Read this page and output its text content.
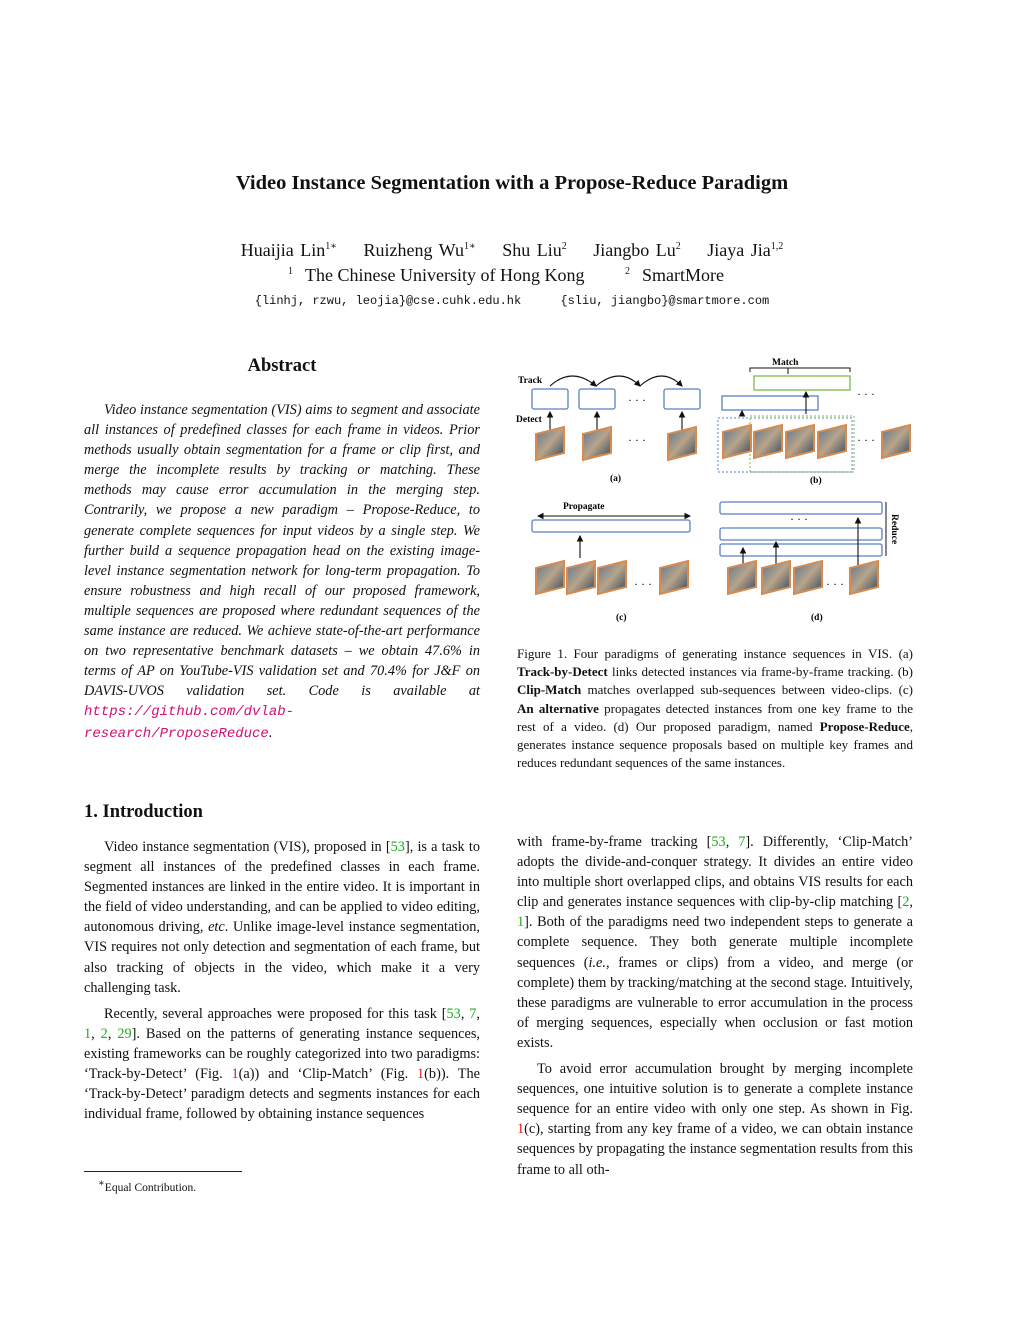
Video Instance Segmentation with a Propose-Reduce Paradigm
Huaijia Lin$^{1∗}$ Ruizheng $Wu^{1∗}$ Shu Liu$^2$ Jiangbo Lu$^2$ Jiaya Jia$^{1,2}$
$^1$ The Chinese University of Hong Kong	$^2$ SmartMore
{linhj, rzwu, leojia}@cse.cuhk.edu.hk	{sliu, jiangbo}@smartmore.com
Abstract

Video instance segmentation (VIS) aims to segment and associate all instances of predefined classes for each frame in videos. Prior methods usually obtain segmentation for a frame or clip first, and merge the incomplete results by tracking or matching. These methods may cause error accumulation in the merging step. Contrarily, we propose a new paradigm – Propose-Reduce, to generate complete sequences for input videos by a single step. We further build a sequence propagation head on the existing image-level instance segmentation network for long-term propagation. To ensure robustness and high recall of our proposed framework, multiple sequences are proposed where redundant sequences of the same instance are reduced. We achieve state-of-the-art performance on two representative benchmark datasets – we obtain 47.6% in terms of AP on YouTube-VIS validation set and 70.4% for J&F on DAVIS-UVOS validation set. Code is available at https://github.com/dvlab-research/ProposeReduce.

1. Introduction

Video instance segmentation (VIS), proposed in [53], is a task to segment all instances of the predefined classes in each frame. Segmented instances are linked in the entire video. It is important in the field of video understanding, and can be applied to video editing, autonomous driving, etc. Unlike image-level instance segmentation, VIS requires not only detection and segmentation of each frame, but also tracking of objects in the video, which make it a very challenging task.

Recently, several approaches were proposed for this task [53, 7, 1, 2, 29]. Based on the patterns of generating instance sequences, existing frameworks can be roughly categorized into two paradigms: ‘Track-by-Detect’ (Fig. 1(a)) and ‘Clip-Match’ (Fig. 1(b)). The ‘Track-by-Detect’ paradigm detects and segments instances for each individual frame, followed by obtaining instance sequences

∗Equal Contribution.
Track
Detect
· · ·
· · ·
(a)
Match
· · ·
· · ·
(b)
Propagate
· · ·
(c)
· · ·	Reduce
· · ·
(d)

Figure 1. Four paradigms of generating instance sequences in VIS. (a) Track-by-Detect links detected instances via frame-by-frame tracking. (b) Clip-Match matches overlapped sub-sequences between video-clips. (c) An alternative propagates detected instances from one key frame to the rest of a video. (d) Our proposed paradigm, named Propose-Reduce, generates instance sequence proposals based on multiple key frames and reduces redundant sequences of the same instances.

with frame-by-frame tracking [53, 7]. Differently, ‘Clip-Match’ adopts the divide-and-conquer strategy. It divides an entire video into multiple short overlapped clips, and obtains VIS results for each clip and generates instance sequences with clip-by-clip matching [2, 1]. Both of the paradigms need two independent steps to generate a complete sequence. They both generate multiple incomplete sequences (i.e., frames or clips) from a video, and merge (or complete) them by tracking/matching at the second stage. Intuitively, these paradigms are vulnerable to error accumulation in the process of merging sequences, especially when occlusion or fast motion exists.

To avoid error accumulation brought by merging incomplete sequences, one intuitive solution is to generate a complete instance sequence for an entire video with only one step. As shown in Fig. 1(c), starting from any key frame of a video, we can obtain instance sequences by propagating the instance segmentation results from this frame to all oth-
